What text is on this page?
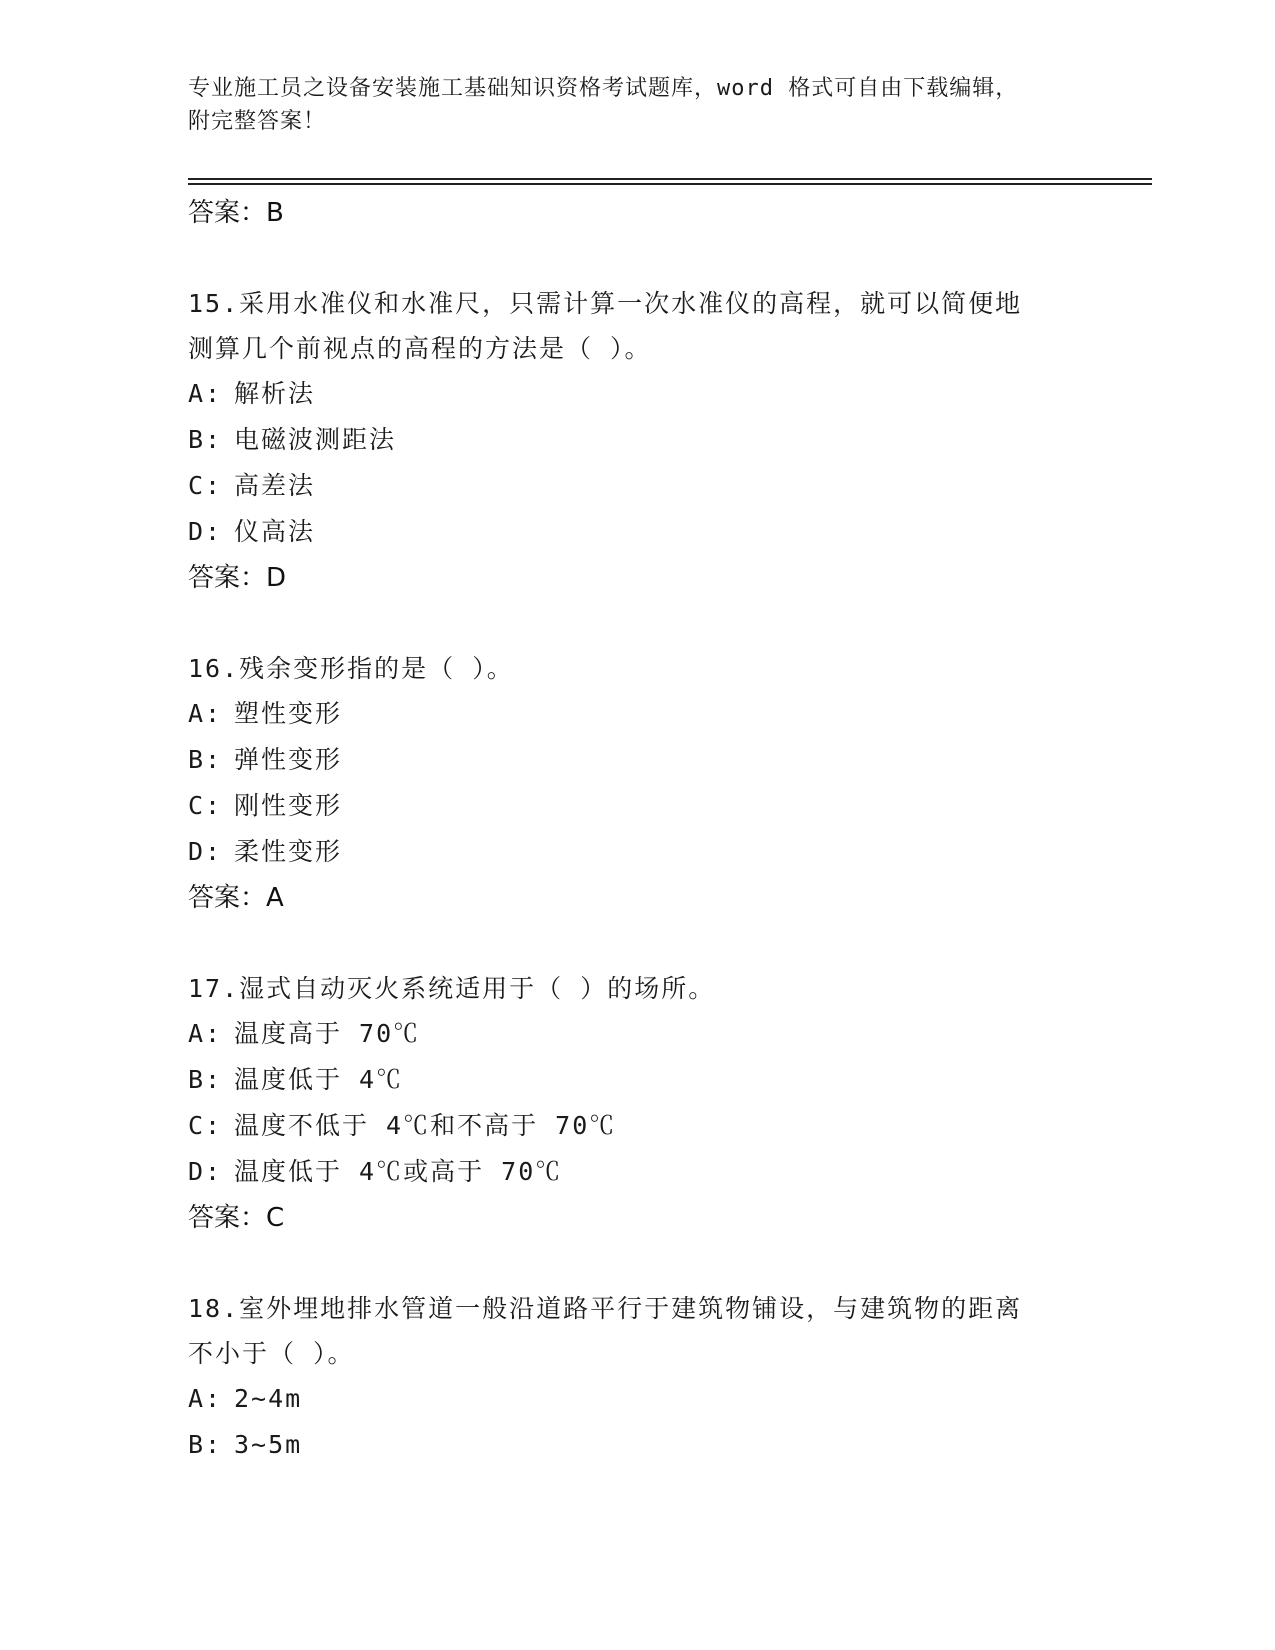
专业施工员之设备安装施工基础知识资格考试题库，word 格式可自由下载编辑，
附完整答案！
答案：B
15.采用水准仪和水准尺，只需计算一次水准仪的高程，就可以简便地
测算几个前视点的高程的方法是（ ）。
A: 解析法
B: 电磁波测距法
C: 高差法
D: 仪高法
答案：D
16.残余变形指的是（ ）。
A: 塑性变形
B: 弹性变形
C: 刚性变形
D: 柔性变形
答案：A
17.湿式自动灭火系统适用于（ ）的场所。
A: 温度高于 70℃
B: 温度低于 4℃
C: 温度不低于 4℃和不高于 70℃
D: 温度低于 4℃或高于 70℃
答案：C
18.室外埋地排水管道一般沿道路平行于建筑物铺设，与建筑物的距离
不小于（ ）。
A: 2~4m
B: 3~5m
